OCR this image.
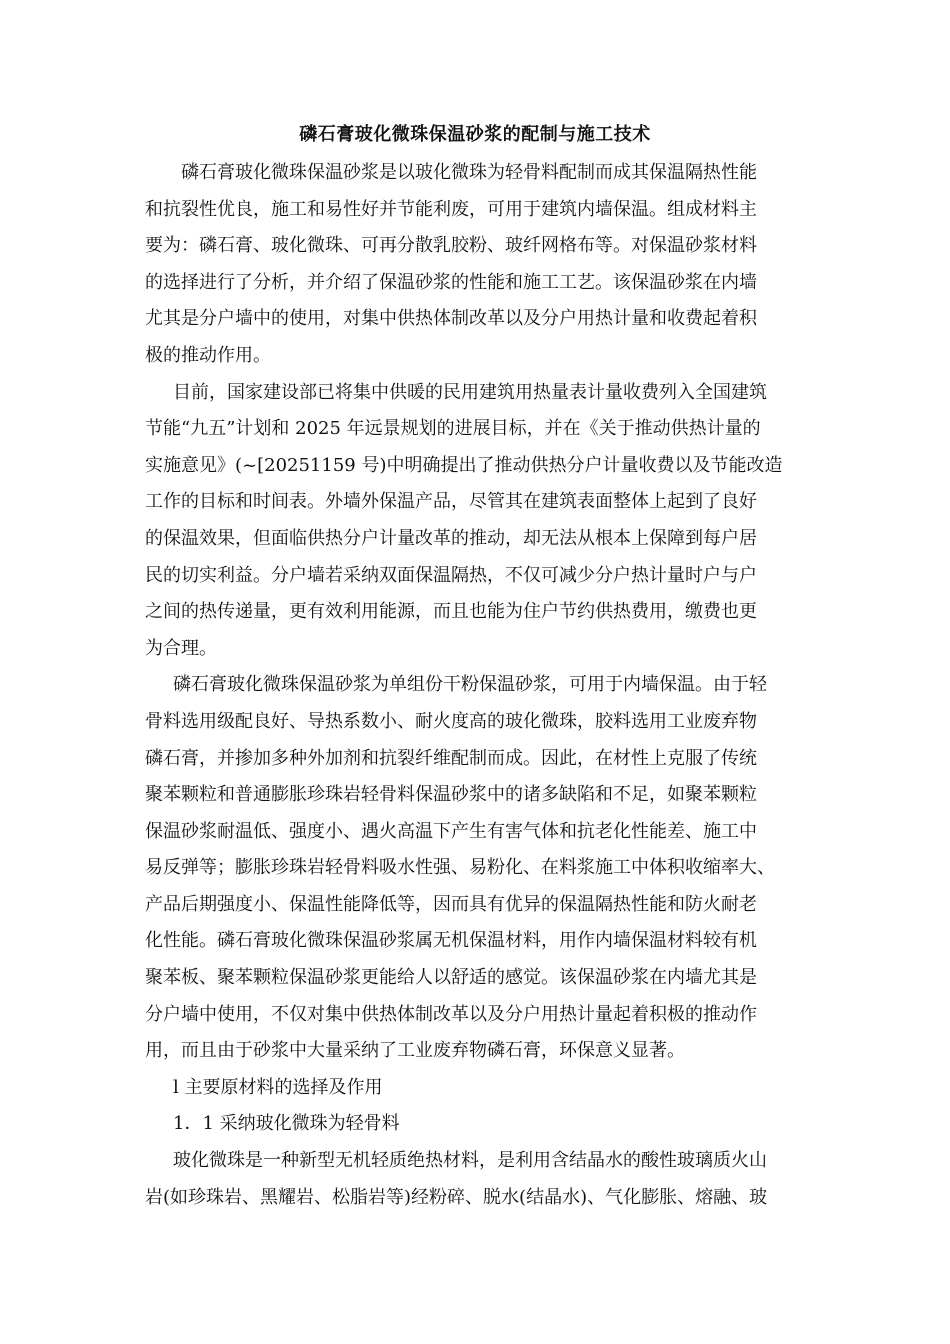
磷石膏玻化微珠保温砂浆的配制与施工技术
磷石膏玻化微珠保温砂浆是以玻化微珠为轻骨料配制而成其保温隔热性能
和抗裂性优良，施工和易性好并节能利废，可用于建筑内墙保温。组成材料主
要为：磷石膏、玻化微珠、可再分散乳胶粉、玻纤网格布等。对保温砂浆材料
的选择进行了分析，并介绍了保温砂浆的性能和施工工艺。该保温砂浆在内墙
尤其是分户墙中的使用，对集中供热体制改革以及分户用热计量和收费起着积
极的推动作用。
目前，国家建设部已将集中供暖的民用建筑用热量表计量收费列入全国建筑
节能“九五”计划和 2025 年远景规划的进展目标，并在《关于推动供热计量的
实施意见》(~[20251159 号)中明确提出了推动供热分户计量收费以及节能改造
工作的目标和时间表。外墙外保温产品，尽管其在建筑表面整体上起到了良好
的保温效果，但面临供热分户计量改革的推动，却无法从根本上保障到每户居
民的切实利益。分户墙若采纳双面保温隔热，不仅可减少分户热计量时户与户
之间的热传递量，更有效利用能源，而且也能为住户节约供热费用，缴费也更
为合理。
磷石膏玻化微珠保温砂浆为单组份干粉保温砂浆，可用于内墙保温。由于轻
骨料选用级配良好、导热系数小、耐火度高的玻化微珠，胶料选用工业废弃物
磷石膏，并掺加多种外加剂和抗裂纤维配制而成。因此，在材性上克服了传统
聚苯颗粒和普通膨胀珍珠岩轻骨料保温砂浆中的诸多缺陷和不足，如聚苯颗粒
保温砂浆耐温低、强度小、遇火高温下产生有害气体和抗老化性能差、施工中
易反弹等；膨胀珍珠岩轻骨料吸水性强、易粉化、在料浆施工中体积收缩率大、
产品后期强度小、保温性能降低等，因而具有优异的保温隔热性能和防火耐老
化性能。磷石膏玻化微珠保温砂浆属无机保温材料，用作内墙保温材料较有机
聚苯板、聚苯颗粒保温砂浆更能给人以舒适的感觉。该保温砂浆在内墙尤其是
分户墙中使用，不仅对集中供热体制改革以及分户用热计量起着积极的推动作
用，而且由于砂浆中大量采纳了工业废弃物磷石膏，环保意义显著。
l 主要原材料的选择及作用
1．1 采纳玻化微珠为轻骨料
玻化微珠是一种新型无机轻质绝热材料，是利用含结晶水的酸性玻璃质火山
岩(如珍珠岩、黑耀岩、松脂岩等)经粉碎、脱水(结晶水)、气化膨胀、熔融、玻
